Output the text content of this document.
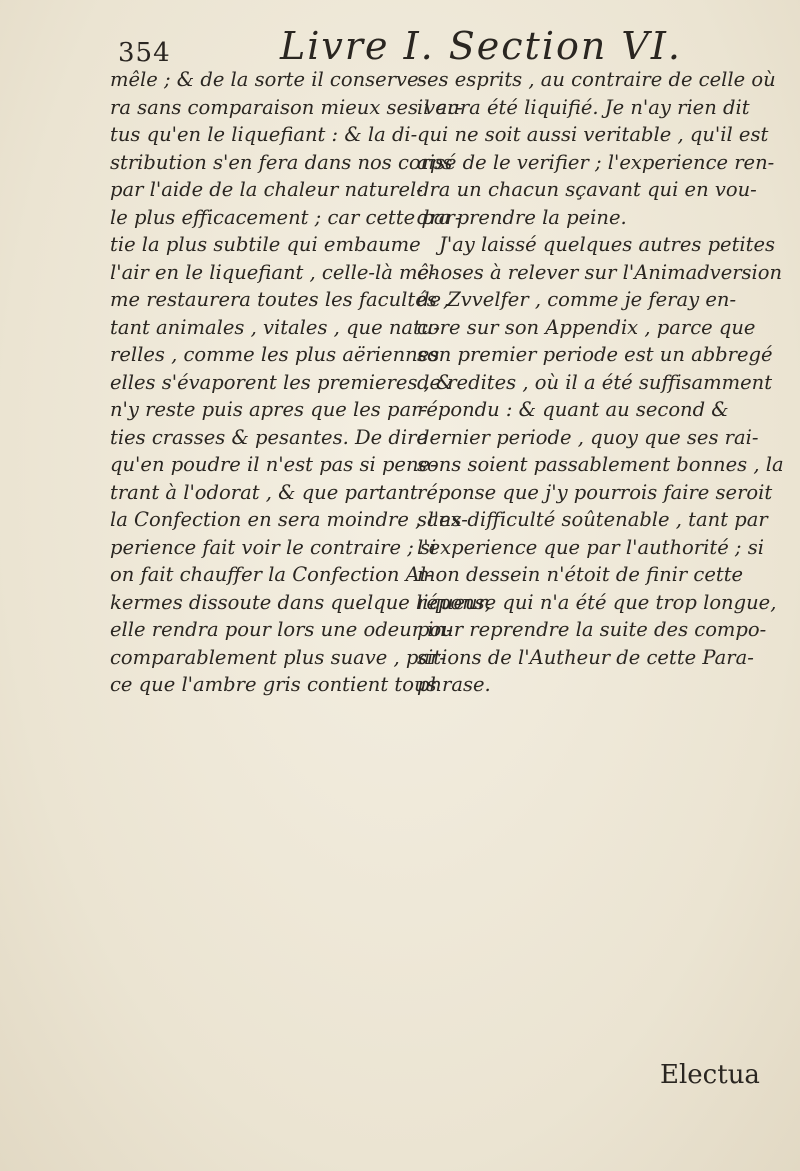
354	Livre I. Section VI.
mêle ; & de la sorte il conserve-
ra sans comparaison mieux ses ver-
tus qu'en le liquefiant : & la di-
stribution s'en fera dans nos corps
par l'aide de la chaleur naturel-
le plus efficacement ; car cette par-
tie la plus subtile qui embaume
l'air en le liquefiant , celle-là mê-
me restaurera toutes les facultés ,
tant animales , vitales , que natu-
relles , comme les plus aëriennes
elles s'évaporent les premieres , &
n'y reste puis apres que les par-
ties crasses & pesantes. De dire
qu'en poudre il n'est pas si pene-
trant à l'odorat , & que partant
la Confection en sera moindre , l'ex-
perience fait voir le contraire ; si
on fait chauffer la Confection Al-
kermes dissoute dans quelque liqueur,
elle rendra pour lors une odeur in-
comparablement plus suave , par-
ce que l'ambre gris contient tous
ses esprits , au contraire de celle où
il aura été liquifié. Je n'ay rien dit
qui ne soit aussi veritable , qu'il est
aisé de le verifier ; l'experience ren-
dra un chacun sçavant qui en vou-
dra prendre la peine.
J'ay laissé quelques autres petites
choses à relever sur l'Animadversion
de Zvvelfer , comme je feray en-
core sur son Appendix , parce que
son premier periode est un abbregé
de redites , où il a été suffisamment
répondu : & quant au second &
dernier periode , quoy que ses rai-
sons soient passablement bonnes , la
réponse que j'y pourrois faire seroit
sans difficulté soûtenable , tant par
l'experience que par l'authorité ; si
mon dessein n'étoit de finir cette
réponse qui n'a été que trop longue,
pour reprendre la suite des compo-
sitions de l'Autheur de cette Para-
phrase.
Electua
